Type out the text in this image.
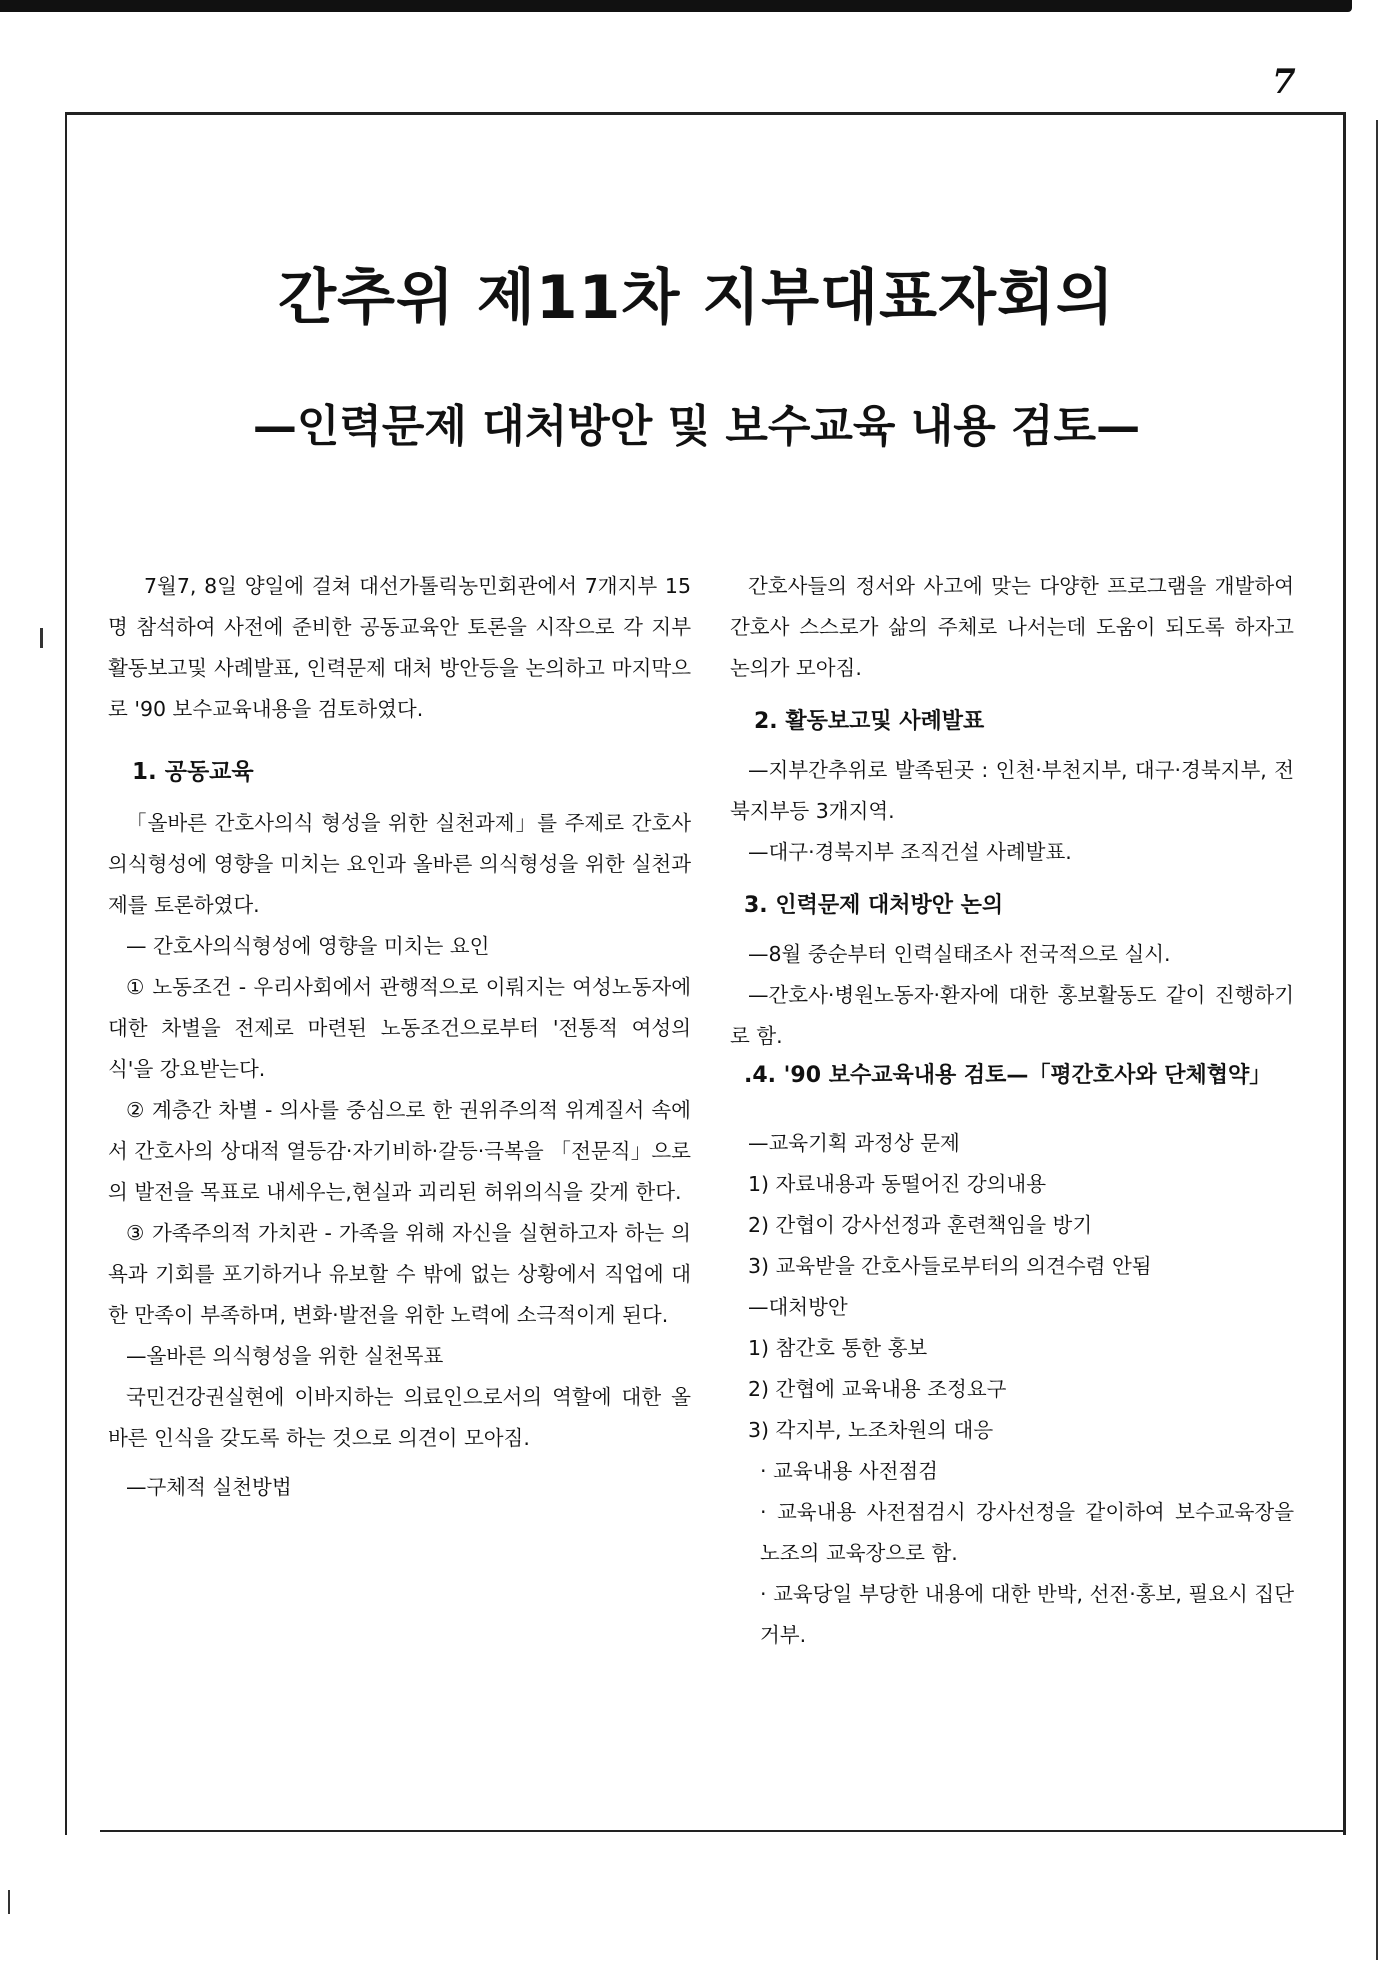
7
간추위 제11차 지부대표자회의
—인력문제 대처방안 및 보수교육 내용 검토—

7월7, 8일 양일에 걸쳐 대선가톨릭농민회관에서 7개지부 15명 참석하여 사전에 준비한 공동교육안 토론을 시작으로 각 지부활동보고및 사례발표, 인력문제 대처 방안등을 논의하고 마지막으로 '90 보수교육내용을 검토하였다.

1. 공동교육

「올바른 간호사의식 형성을 위한 실천과제」를 주제로 간호사의식형성에 영향을 미치는 요인과 올바른 의식형성을 위한 실천과제를 토론하였다.

— 간호사의식형성에 영향을 미치는 요인

① 노동조건 - 우리사회에서 관행적으로 이뤄지는 여성노동자에 대한 차별을 전제로 마련된 노동조건으로부터 '전통적 여성의식'을 강요받는다.

② 계층간 차별 - 의사를 중심으로 한 권위주의적 위계질서 속에서 간호사의 상대적 열등감·자기비하·갈등·극복을 「전문직」으로의 발전을 목표로 내세우는,현실과 괴리된 허위의식을 갖게 한다.

③ 가족주의적 가치관 - 가족을 위해 자신을 실현하고자 하는 의욕과 기회를 포기하거나 유보할 수 밖에 없는 상황에서 직업에 대한 만족이 부족하며, 변화·발전을 위한 노력에 소극적이게 된다.

—올바른 의식형성을 위한 실천목표

국민건강권실현에 이바지하는 의료인으로서의 역할에 대한 올바른 인식을 갖도록 하는 것으로 의견이 모아짐.

—구체적 실천방법

간호사들의 정서와 사고에 맞는 다양한 프로그램을 개발하여 간호사 스스로가 삶의 주체로 나서는데 도움이 되도록 하자고 논의가 모아짐.

2. 활동보고및 사례발표

—지부간추위로 발족된곳 : 인천·부천지부, 대구·경북지부, 전북지부등 3개지역.

—대구·경북지부 조직건설 사례발표.

3. 인력문제 대처방안 논의

—8월 중순부터 인력실태조사 전국적으로 실시.

—간호사·병원노동자·환자에 대한 홍보활동도 같이 진행하기로 함.

.4. '90 보수교육내용 검토—「평간호사와 단체협약」

—교육기획 과정상 문제

1) 자료내용과 동떨어진 강의내용

2) 간협이 강사선정과 훈련책임을 방기

3) 교육받을 간호사들로부터의 의견수렴 안됨

—대처방안

1) 참간호 통한 홍보

2) 간협에 교육내용 조정요구

3) 각지부, 노조차원의 대응

· 교육내용 사전점검

· 교육내용 사전점검시 강사선정을 같이하여 보수교육장을 노조의 교육장으로 함.

· 교육당일 부당한 내용에 대한 반박, 선전·홍보, 필요시 집단거부.
